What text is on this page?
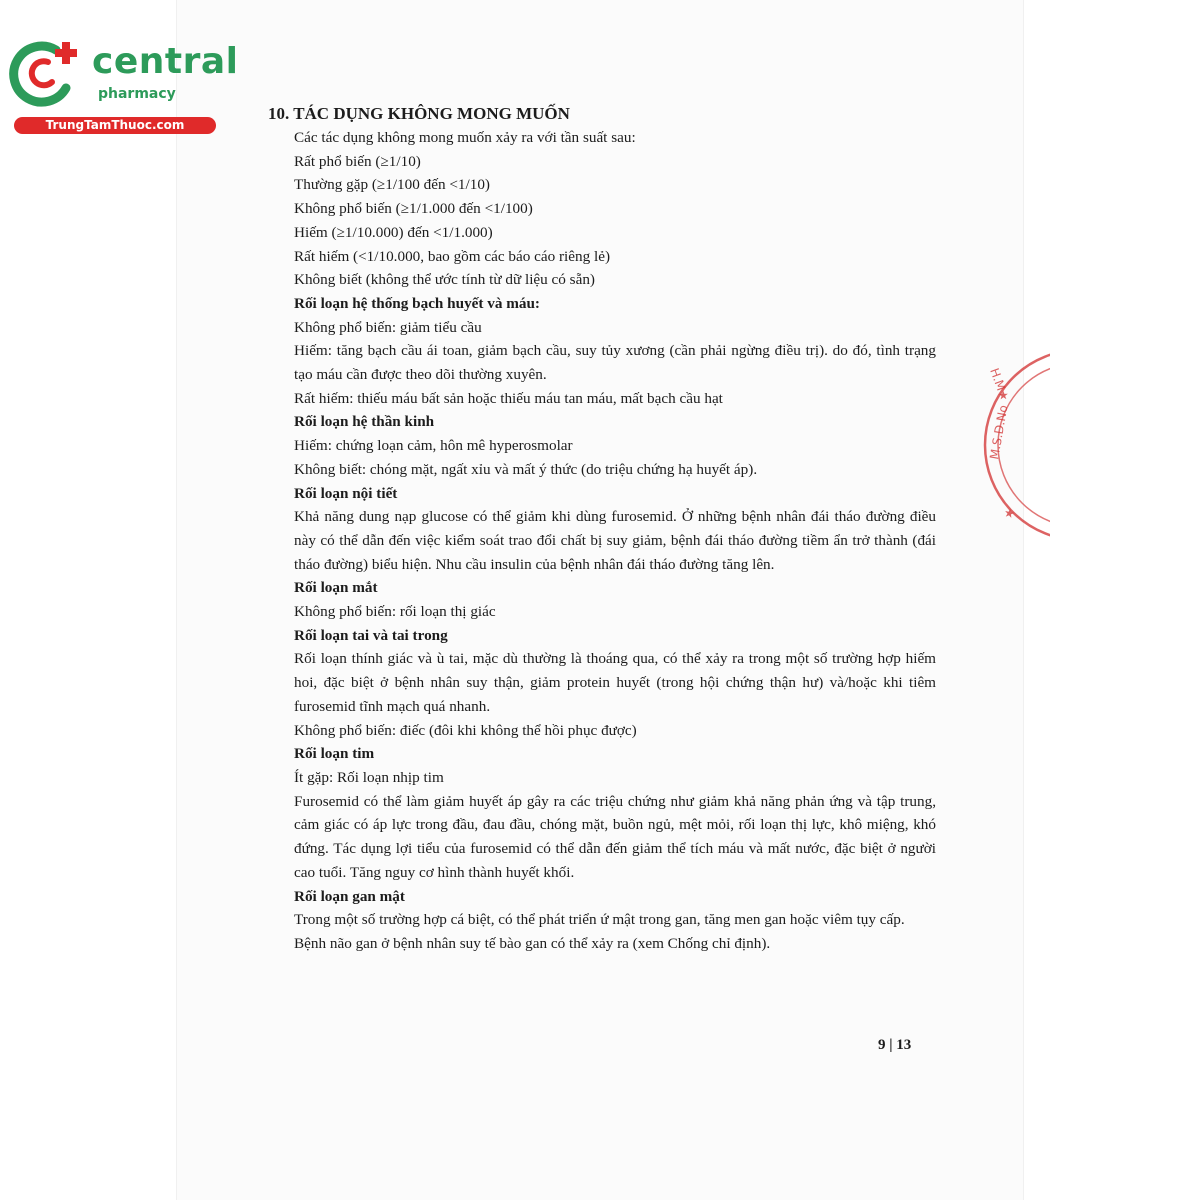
central
pharmacy
TrungTamThuoc.com
10. TÁC DỤNG KHÔNG MONG MUỐN
Các tác dụng không mong muốn xảy ra với tần suất sau:
Rất phổ biến (≥1/10)
Thường gặp (≥1/100 đến <1/10)
Không phổ biến (≥1/1.000 đến <1/100)
Hiếm (≥1/10.000) đến <1/1.000)
Rất hiếm (<1/10.000, bao gồm các báo cáo riêng lẻ)
Không biết (không thể ước tính từ dữ liệu có sẵn)
Rối loạn hệ thống bạch huyết và máu:
Không phổ biến: giảm tiểu cầu
Hiếm: tăng bạch cầu ái toan, giảm bạch cầu, suy tủy xương (cần phải ngừng điều trị). do đó, tình trạng tạo máu cần được theo dõi thường xuyên.
Rất hiếm: thiếu máu bất sản hoặc thiếu máu tan máu, mất bạch cầu hạt
Rối loạn hệ thần kinh
Hiếm: chứng loạn cảm, hôn mê hyperosmolar
Không biết: chóng mặt, ngất xỉu và mất ý thức (do triệu chứng hạ huyết áp).
Rối loạn nội tiết
Khả năng dung nạp glucose có thể giảm khi dùng furosemid. Ở những bệnh nhân đái tháo đường điều này có thể dẫn đến việc kiểm soát trao đổi chất bị suy giảm, bệnh đái tháo đường tiềm ẩn trở thành (đái tháo đường) biểu hiện. Nhu cầu insulin của bệnh nhân đái tháo đường tăng lên.
Rối loạn mắt
Không phổ biến: rối loạn thị giác
Rối loạn tai và tai trong
Rối loạn thính giác và ù tai, mặc dù thường là thoáng qua, có thể xảy ra trong một số trường hợp hiếm hoi, đặc biệt ở bệnh nhân suy thận, giảm protein huyết (trong hội chứng thận hư) và/hoặc khi tiêm furosemid tĩnh mạch quá nhanh.
Không phổ biến: điếc (đôi khi không thể hồi phục được)
Rối loạn tim
Ít gặp: Rối loạn nhịp tim
Furosemid có thể làm giảm huyết áp gây ra các triệu chứng như giảm khả năng phản ứng và tập trung, cảm giác có áp lực trong đầu, đau đầu, chóng mặt, buồn ngủ, mệt mỏi, rối loạn thị lực, khô miệng, khó đứng. Tác dụng lợi tiểu của furosemid có thể dẫn đến giảm thể tích máu và mất nước, đặc biệt ở người cao tuổi. Tăng nguy cơ hình thành huyết khối.
Rối loạn gan mật
Trong một số trường hợp cá biệt, có thể phát triển ứ mật trong gan, tăng men gan hoặc viêm tụy cấp.
Bệnh não gan ở bệnh nhân suy tế bào gan có thể xảy ra (xem Chống chỉ định).
9 | 13
H.M★
M.S.D.No
★
